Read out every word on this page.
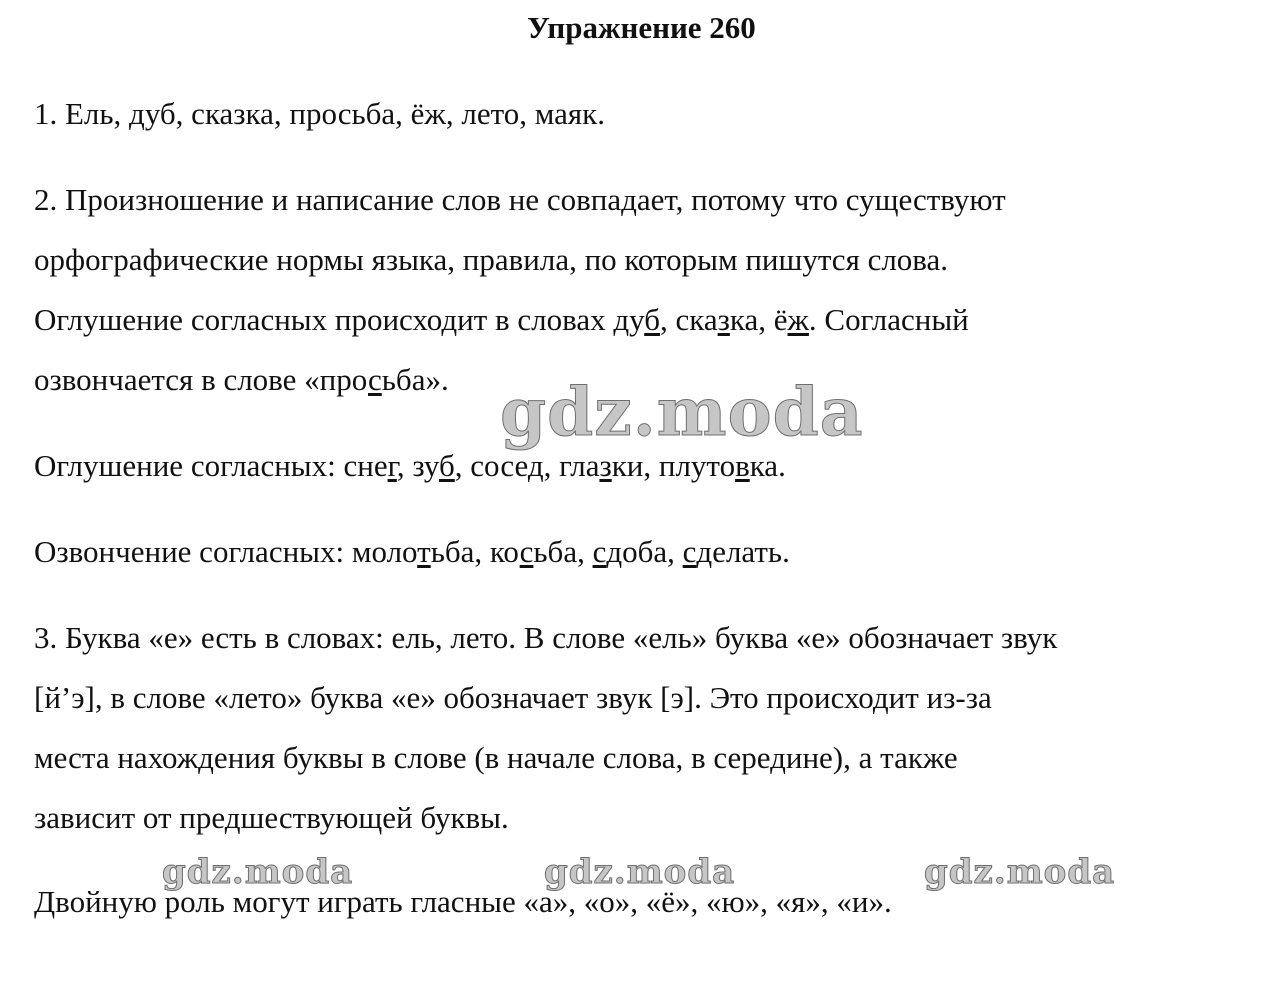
Упражнение 260

1. Ель, дуб, сказка, просьба, ёж, лето, маяк.

2. Произношение и написание слов не совпадает, потому что существуют

орфографические нормы языка, правила, по которым пишутся слова.

Оглушение согласных происходит в словах дуб, сказка, ёж. Согласный

озвончается в слове «просьба».

Оглушение согласных: снег, зуб, сосед, глазки, плутовка.

Озвончение согласных: молотьба, косьба, сдоба, сделать.

3. Буква «е» есть в словах: ель, лето. В слове «ель» буква «е» обозначает звук

[й’э], в слове «лето» буква «е» обозначает звук [э]. Это происходит из-за

места нахождения буквы в слове (в начале слова, в середине), а также

зависит от предшествующей буквы.

Двойную роль могут играть гласные «а», «о», «ё», «ю», «я», «и».

gdz.moda
gdz.moda	gdz.moda	gdz.moda
